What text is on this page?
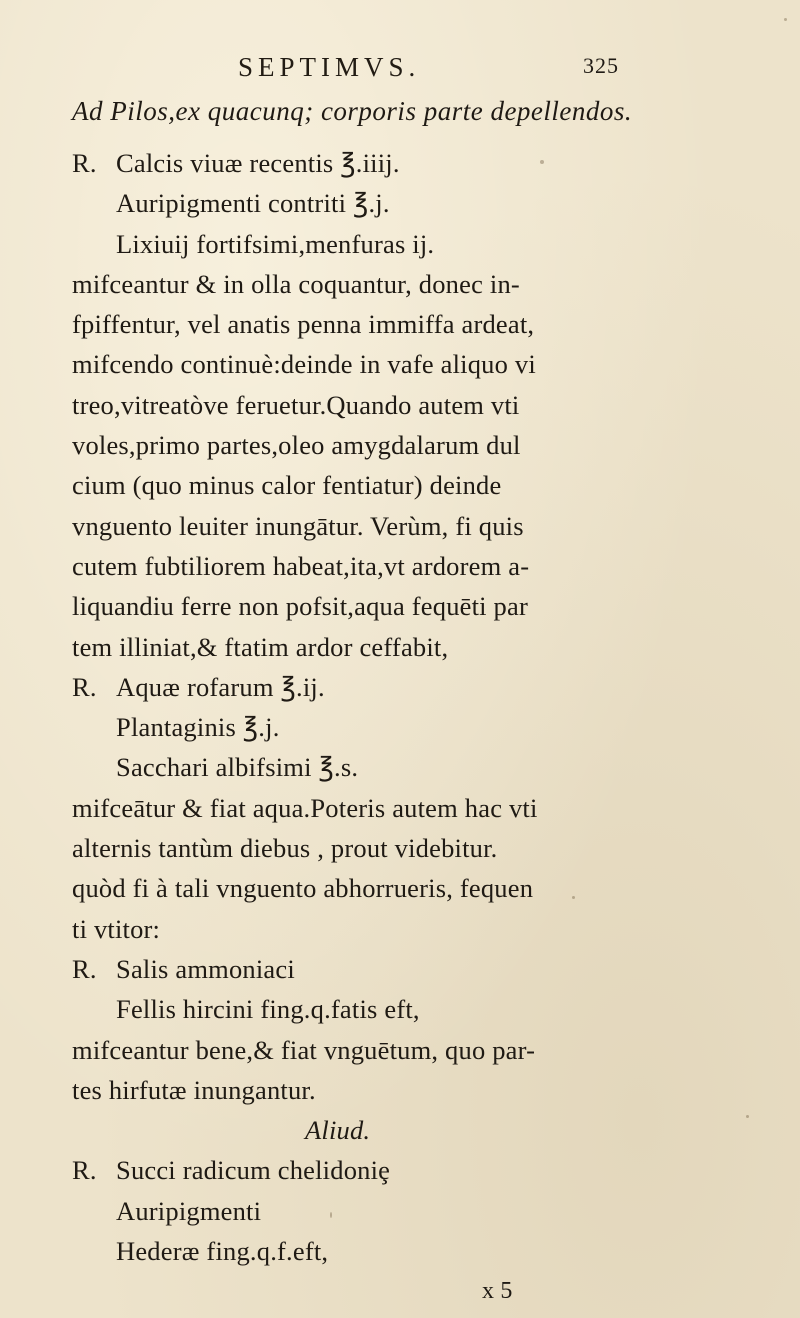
SEPTIMVS.	325
Ad Pilos,ex quacunq; corporis parte depellendos.
R. Calcis viuæ recentis ℥.iiij.
Auripigmenti contriti ℥.j.
Lixiuij fortifsimi,menfuras ij.
mifceantur & in olla coquantur, donec in-
fpiffentur, vel anatis penna immiffa ardeat,
mifcendo continuè:deinde in vafe aliquo vi
treo,vitreatòve feruetur.Quando autem vti
voles,primo partes,oleo amygdalarum dul
cium (quo minus calor fentiatur) deinde
vnguento leuiter inungātur. Verùm, fi quis
cutem fubtiliorem habeat,ita,vt ardorem a-
liquandiu ferre non pofsit,aqua fequēti par
tem illiniat,& ftatim ardor ceffabit,
R. Aquæ rofarum ℥.ij.
Plantaginis ℥.j.
Sacchari albifsimi ℥.s.
mifceātur & fiat aqua.Poteris autem hac vti
alternis tantùm diebus , prout videbitur.
quòd fi à tali vnguento abhorrueris, fequen
ti vtitor:
R. Salis ammoniaci
Fellis hircini fing.q.fatis eft,
mifceantur bene,& fiat vnguētum, quo par-
tes hirfutæ inungantur.
Aliud.
R. Succi radicum chelidoniȩ
Auripigmenti
Hederæ fing.q.f.eft,
x 5
